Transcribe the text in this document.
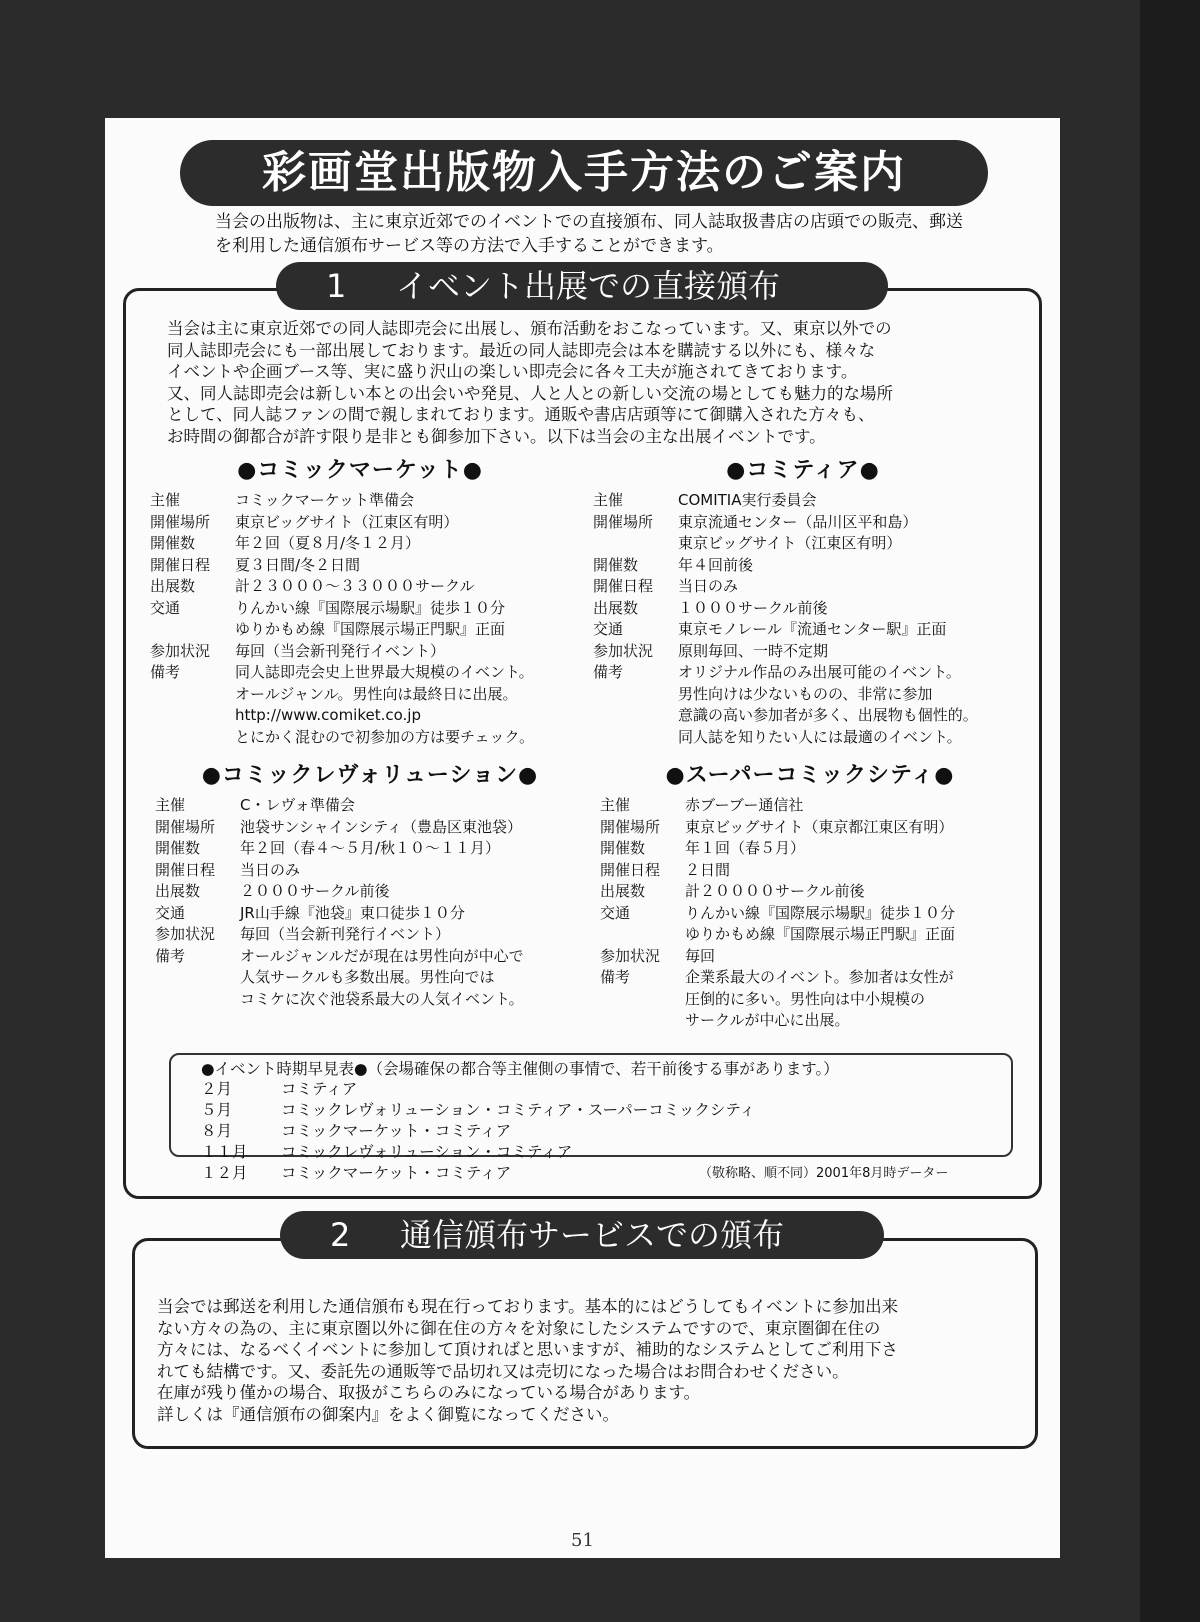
彩画堂出版物入手方法のご案内
当会の出版物は、主に東京近郊でのイベントでの直接頒布、同人誌取扱書店の店頭での販売、郵送を利用した通信頒布サービス等の方法で入手することができます。
1 イベント出展での直接頒布
当会は主に東京近郊での同人誌即売会に出展し、頒布活動をおこなっています。又、東京以外での
同人誌即売会にも一部出展しております。最近の同人誌即売会は本を購読する以外にも、様々な
イベントや企画ブース等、実に盛り沢山の楽しい即売会に各々工夫が施されてきております。
又、同人誌即売会は新しい本との出会いや発見、人と人との新しい交流の場としても魅力的な場所
として、同人誌ファンの間で親しまれております。通販や書店店頭等にて御購入された方々も、
お時間の御都合が許す限り是非とも御参加下さい。以下は当会の主な出展イベントです。
●コミックマーケット●
主催	コミックマーケット準備会
開催場所	東京ビッグサイト（江東区有明）
開催数	年２回（夏８月/冬１２月）
開催日程	夏３日間/冬２日間
出展数	計２３０００～３３０００サークル
交通	りんかい線『国際展示場駅』徒歩１０分
ゆりかもめ線『国際展示場正門駅』正面
参加状況	毎回（当会新刊発行イベント）
備考	同人誌即売会史上世界最大規模のイベント。
オールジャンル。男性向は最終日に出展。
http://www.comiket.co.jp
とにかく混むので初参加の方は要チェック。
●コミティア●
主催	COMITIA実行委員会
開催場所	東京流通センター（品川区平和島）
東京ビッグサイト（江東区有明）
開催数	年４回前後
開催日程	当日のみ
出展数	１０００サークル前後
交通	東京モノレール『流通センター駅』正面
参加状況	原則毎回、一時不定期
備考	オリジナル作品のみ出展可能のイベント。
男性向けは少ないものの、非常に参加
意識の高い参加者が多く、出展物も個性的。
同人誌を知りたい人には最適のイベント。
●コミックレヴォリューション●
主催	C・レヴォ準備会
開催場所	池袋サンシャインシティ（豊島区東池袋）
開催数	年２回（春４～５月/秋１０～１１月）
開催日程	当日のみ
出展数	２０００サークル前後
交通	JR山手線『池袋』東口徒歩１０分
参加状況	毎回（当会新刊発行イベント）
備考	オールジャンルだが現在は男性向が中心で
人気サークルも多数出展。男性向では
コミケに次ぐ池袋系最大の人気イベント。
●スーパーコミックシティ●
主催	赤ブーブー通信社
開催場所	東京ビッグサイト（東京都江東区有明）
開催数	年１回（春５月）
開催日程	２日間
出展数	計２００００サークル前後
交通	りんかい線『国際展示場駅』徒歩１０分
ゆりかもめ線『国際展示場正門駅』正面
参加状況	毎回
備考	企業系最大のイベント。参加者は女性が
圧倒的に多い。男性向は中小規模の
サークルが中心に出展。
●イベント時期早見表●（会場確保の都合等主催側の事情で、若干前後する事があります。）
２月	コミティア
５月	コミックレヴォリューション・コミティア・スーパーコミックシティ
８月	コミックマーケット・コミティア
１１月	コミックレヴォリューション・コミティア
１２月	コミックマーケット・コミティア	（敬称略、順不同）2001年8月時データー
2 通信頒布サービスでの頒布
当会では郵送を利用した通信頒布も現在行っております。基本的にはどうしてもイベントに参加出来
ない方々の為の、主に東京圏以外に御在住の方々を対象にしたシステムですので、東京圏御在住の
方々には、なるべくイベントに参加して頂ければと思いますが、補助的なシステムとしてご利用下さ
れても結構です。又、委託先の通販等で品切れ又は売切になった場合はお問合わせください。
在庫が残り僅かの場合、取扱がこちらのみになっている場合があります。
詳しくは『通信頒布の御案内』をよく御覧になってください。
51
